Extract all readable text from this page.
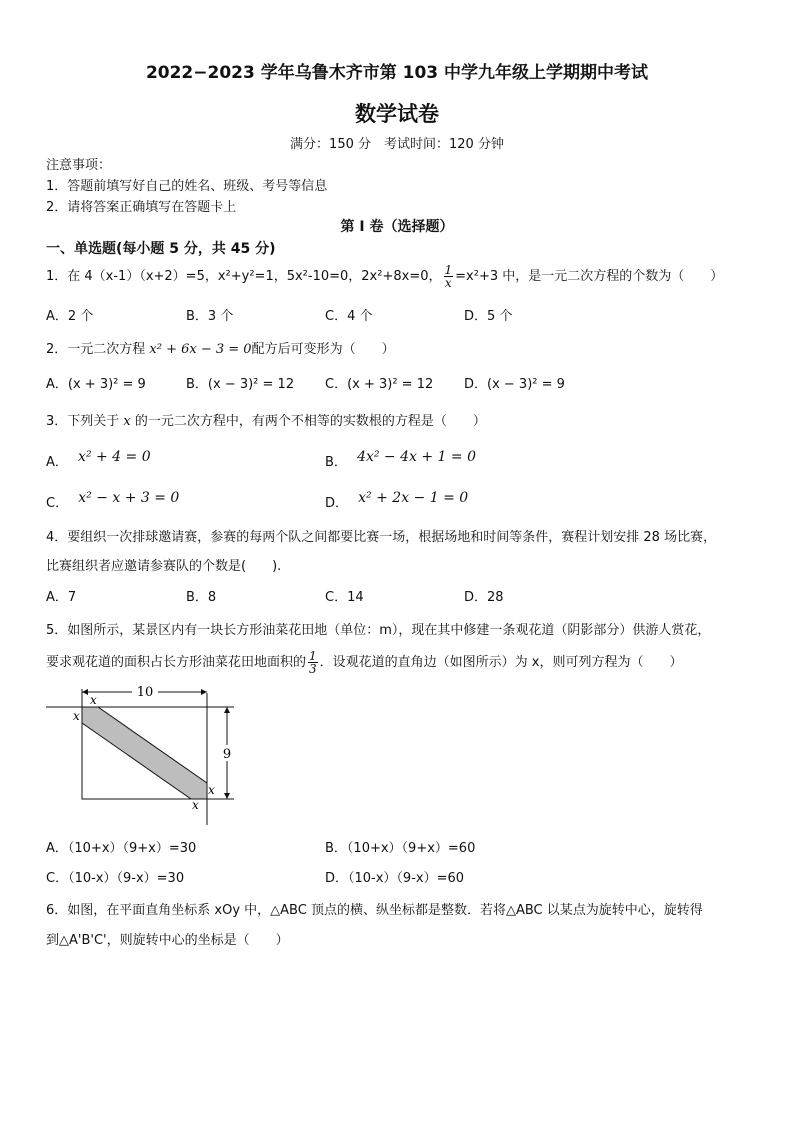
2022−2023 学年乌鲁木齐市第 103 中学九年级上学期期中考试
数学试卷
满分：150 分　考试时间：120 分钟
注意事项：
1．答题前填写好自己的姓名、班级、考号等信息
2．请将答案正确填写在答题卡上
第 I 卷（选择题）
一、单选题(每小题 5 分，共 45 分)
1．在 4（x-1）（x+2）=5，x²+y²=1，5x²-10=0，2x²+8x=0， $\frac{1}{x} =x^2+3$ 中，是一元二次方程的个数为（　　）
A．2 个	B．3 个	C．4 个	D．5 个
2．一元二次方程 x² + 6x − 3 = 0配方后可变形为（　　）
A．(x + 3)² = 9	B．(x − 3)² = 12 C．(x + 3)² = 12 D．(x − 3)² = 9
3．下列关于 x 的一元二次方程中，有两个不相等的实数根的方程是（　　）
A． x² + 4 = 0	B． 4x² − 4x + 1 = 0
C． x² − x + 3 = 0	D． x² + 2x − 1 = 0
4．要组织一次排球邀请赛，参赛的每两个队之间都要比赛一场，根据场地和时间等条件，赛程计划安排 28 场比赛，
比赛组织者应邀请参赛队的个数是(　　).
A．7	B．8	C．14	D．28
5．如图所示，某景区内有一块长方形油菜花田地（单位：m），现在其中修建一条观花道（阴影部分）供游人赏花，
要求观花道的面积占长方形油菜花田地面积的 $\frac{1}{3}$ ．设观花道的直角边（如图所示）为 x，则可列方程为（　　）
10
9
x
x
x
x
A．（10+x）（9+x）=30	B．（10+x）（9+x）=60
C．（10-x）（9-x）=30	D．（10-x）（9-x）=60
6．如图，在平面直角坐标系 xOy 中，△ABC 顶点的横、纵坐标都是整数．若将△ABC 以某点为旋转中心，旋转得
到△A'B'C'，则旋转中心的坐标是（　　）
